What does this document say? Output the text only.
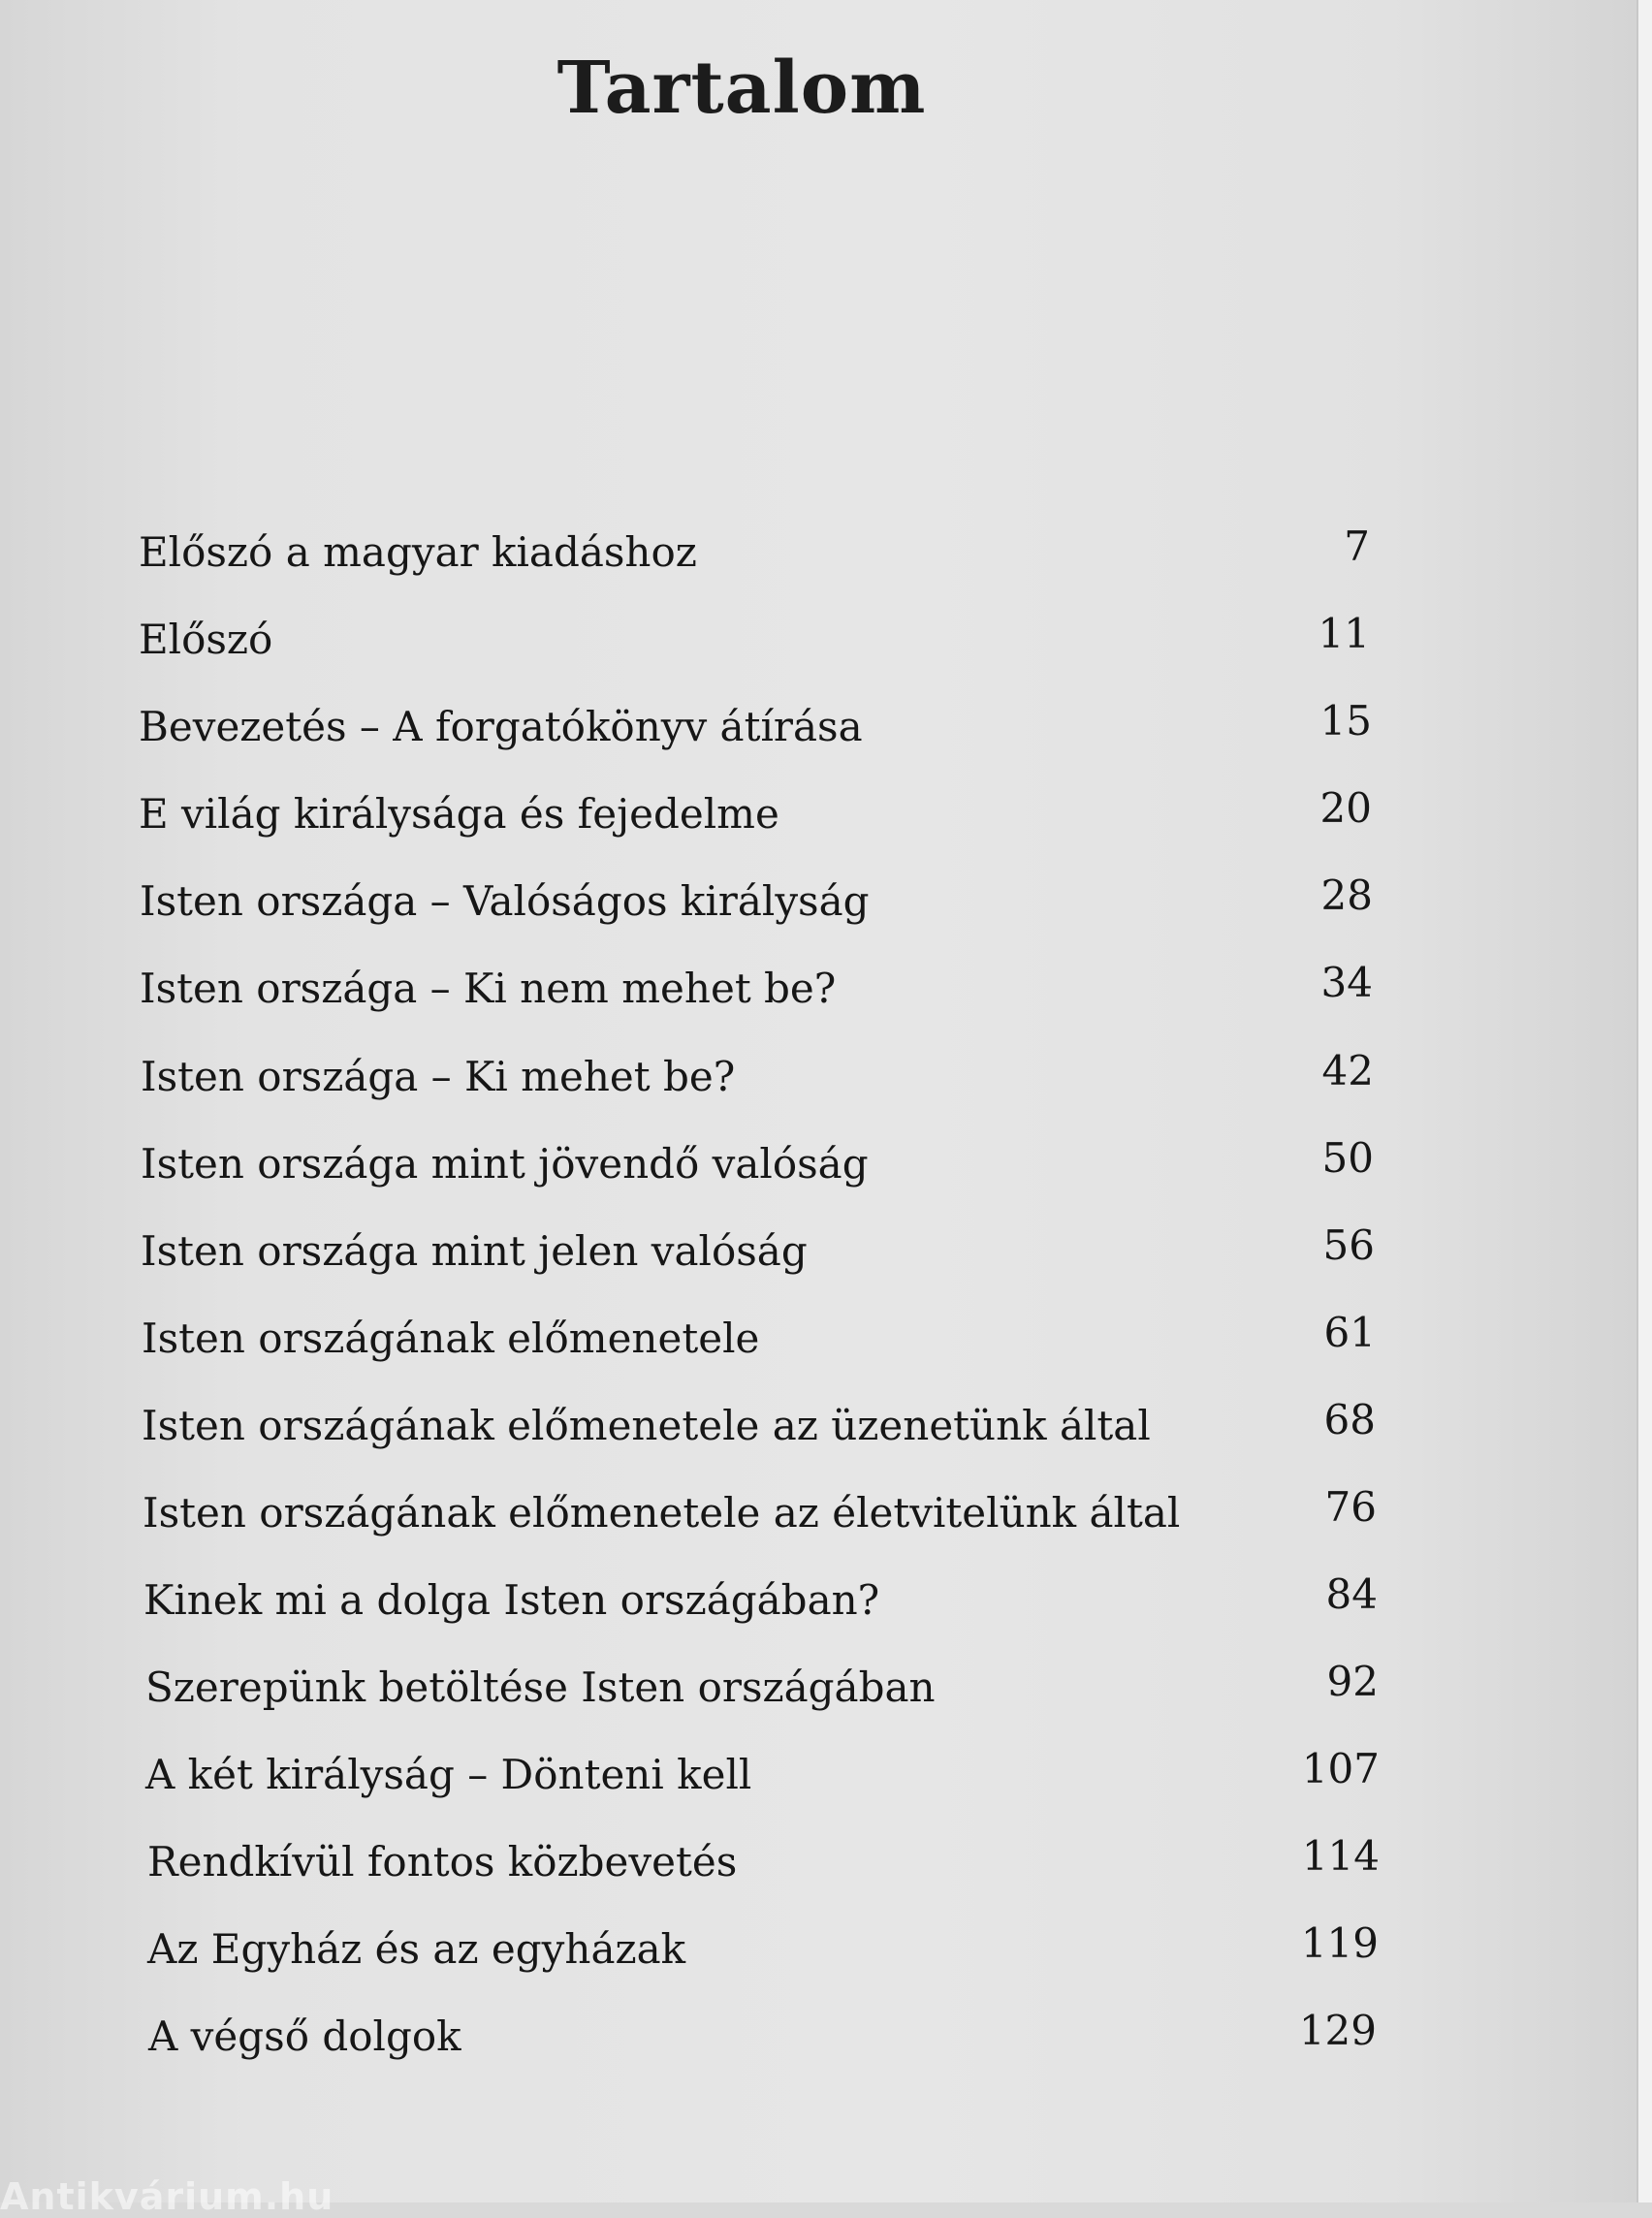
Tartalom
Előszó a magyar kiadáshoz	7
Előszó	11
Bevezetés – A forgatókönyv átírása	15
E világ királysága és fejedelme	20
Isten országa – Valóságos királyság	28
Isten országa – Ki nem mehet be?	34
Isten országa – Ki mehet be?	42
Isten országa mint jövendő valóság	50
Isten országa mint jelen valóság	56
Isten országának előmenetele	61
Isten országának előmenetele az üzenetünk által	68
Isten országának előmenetele az életvitelünk által	76
Kinek mi a dolga Isten országában?	84
Szerepünk betöltése Isten országában	92
A két királyság – Dönteni kell	107
Rendkívül fontos közbevetés	114
Az Egyház és az egyházak	119
A végső dolgok	129
Antikvárium.hu
